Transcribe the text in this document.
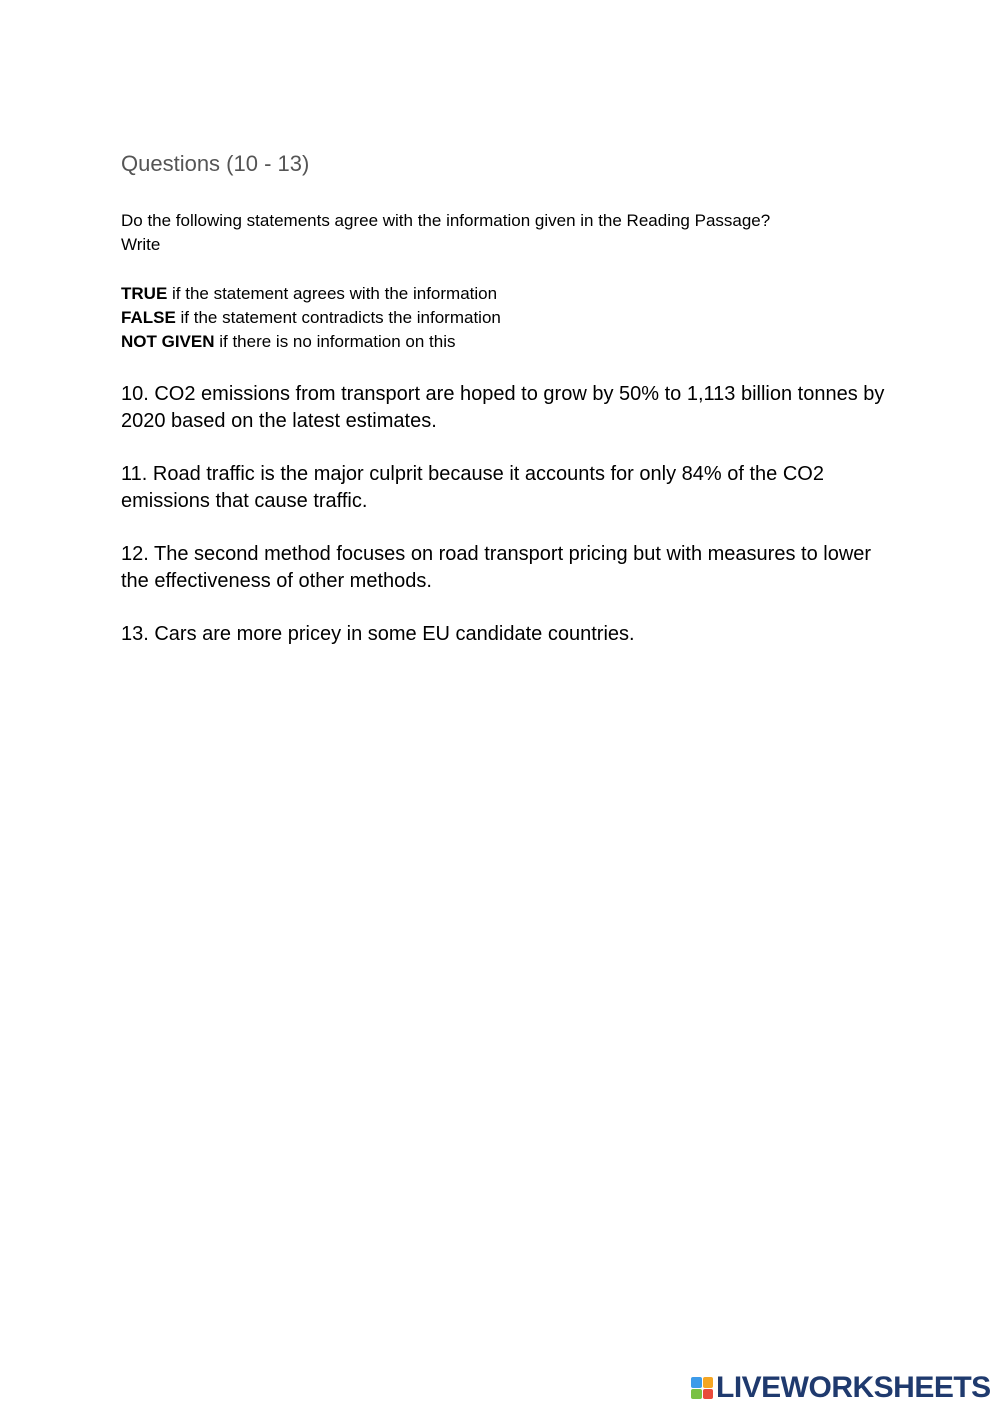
Questions (10 - 13)
Do the following statements agree with the information given in the Reading Passage?
Write
TRUE if the statement agrees with the information
FALSE if the statement contradicts the information
NOT GIVEN if there is no information on this

10. CO2 emissions from transport are hoped to grow by 50% to 1,113 billion tonnes by 2020 based on the latest estimates.

11. Road traffic is the major culprit because it accounts for only 84% of the CO2 emissions that cause traffic.

12. The second method focuses on road transport pricing but with measures to lower the effectiveness of other methods.

13. Cars are more pricey in some EU candidate countries.

LIVEWORKSHEETS
